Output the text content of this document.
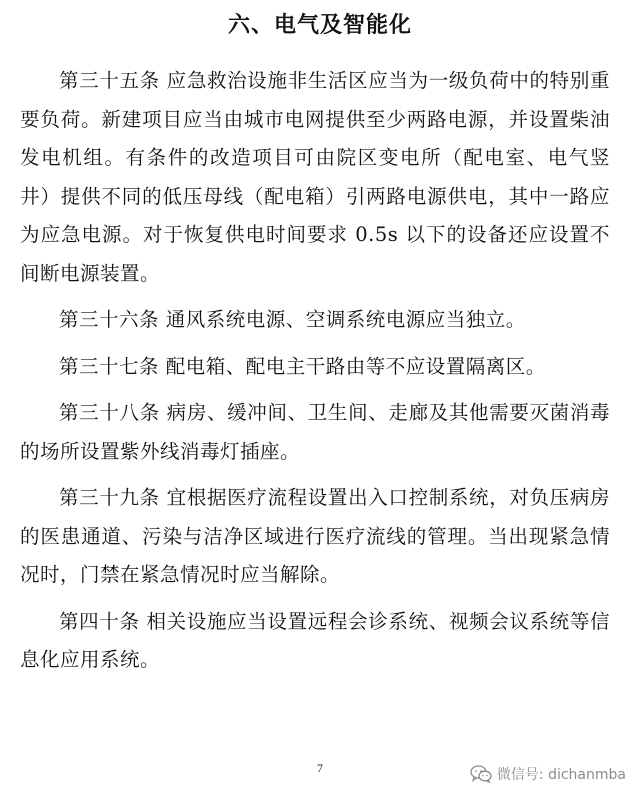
六、电气及智能化

第三十五条 应急救治设施非生活区应当为一级负荷中的特别重要负荷。新建项目应当由城市电网提供至少两路电源，并设置柴油发电机组。有条件的改造项目可由院区变电所（配电室、电气竖井）提供不同的低压母线（配电箱）引两路电源供电，其中一路应为应急电源。对于恢复供电时间要求 0.5s 以下的设备还应设置不间断电源装置。

第三十六条 通风系统电源、空调系统电源应当独立。

第三十七条 配电箱、配电主干路由等不应设置隔离区。

第三十八条 病房、缓冲间、卫生间、走廊及其他需要灭菌消毒的场所设置紫外线消毒灯插座。

第三十九条 宜根据医疗流程设置出入口控制系统，对负压病房的医患通道、污染与洁净区域进行医疗流线的管理。当出现紧急情况时，门禁在紧急情况时应当解除。

第四十条 相关设施应当设置远程会诊系统、视频会议系统等信息化应用系统。

7	微信号: dichanmba
